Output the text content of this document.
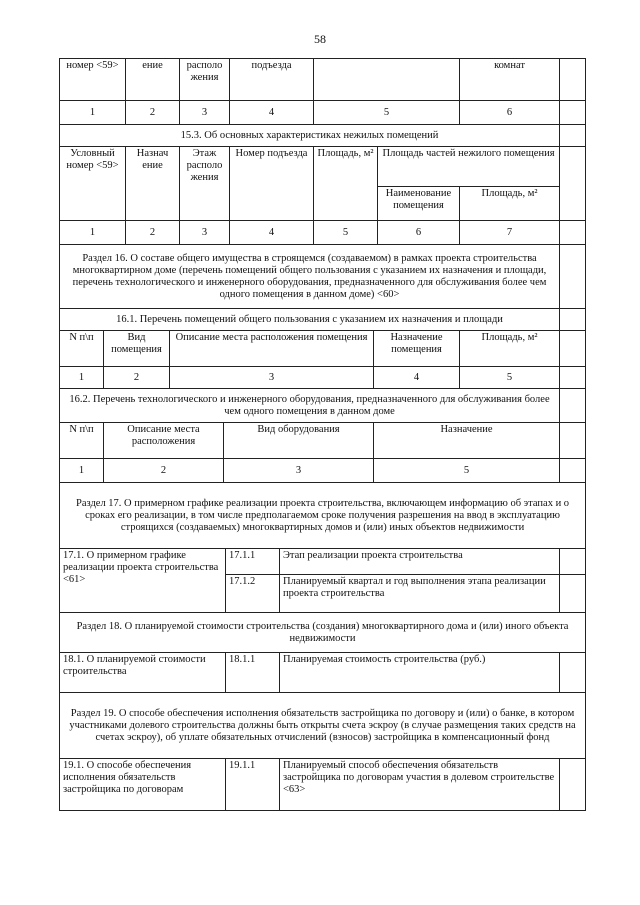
58
номер <59>	ение	располо жения	подъезда		комнат	
1	2	3	4	5	6	
15.3. Об основных характеристиках нежилых помещений							
Условный номер <59>	Назнач ение	Этаж располо жения	Номер подъезда	Площадь, м²	Площадь частей нежилого помещения		
					Наименование помещения	Площадь, м²	
1	2	3	4	5	6	7	
Раздел 16. О составе общего имущества в строящемся (создаваемом) в рамках проекта строительства многоквартирном доме (перечень помещений общего пользования с указанием их назначения и площади, перечень технологического и инженерного оборудования, предназначенного для обслуживания более чем одного помещения в данном доме) <60>					
16.1. Перечень помещений общего пользования с указанием их назначения и площади					
N п\п	Вид помещения	Описание места расположения помещения	Назначение помещения	Площадь, м²	
1	2	3	4	5	
16.2. Перечень технологического и инженерного оборудования, предназначенного для обслуживания более чем одного помещения в данном доме				
N п\п	Описание места расположения	Вид оборудования	Назначение	
1	2	3	5	
Раздел 17. О примерном графике реализации проекта строительства, включающем информацию об этапах и о сроках его реализации, в том числе предполагаемом сроке получения разрешения на ввод в эксплуатацию строящихся (создаваемых) многоквартирных домов и (или) иных объектов недвижимости			
17.1. О примерном графике реализации проекта строительства <61>	17.1.1	Этап реализации проекта строительства	
	17.1.2	Планируемый квартал и год выполнения этапа реализации проекта строительства	
Раздел 18. О планируемой стоимости строительства (создания) многоквартирного дома и (или) иного объекта недвижимости			
18.1. О планируемой стоимости строительства	18.1.1	Планируемая стоимость строительства (руб.)	
Раздел 19. О способе обеспечения исполнения обязательств застройщика по договору и (или) о банке, в котором участниками долевого строительства должны быть открыты счета эскроу (в случае размещения таких средств на счетах эскроу), об уплате обязательных отчислений (взносов) застройщика в компенсационный фонд			
19.1. О способе обеспечения исполнения обязательств застройщика по договорам	19.1.1	Планируемый способ обеспечения обязательств застройщика по договорам участия в долевом строительстве <63>	
